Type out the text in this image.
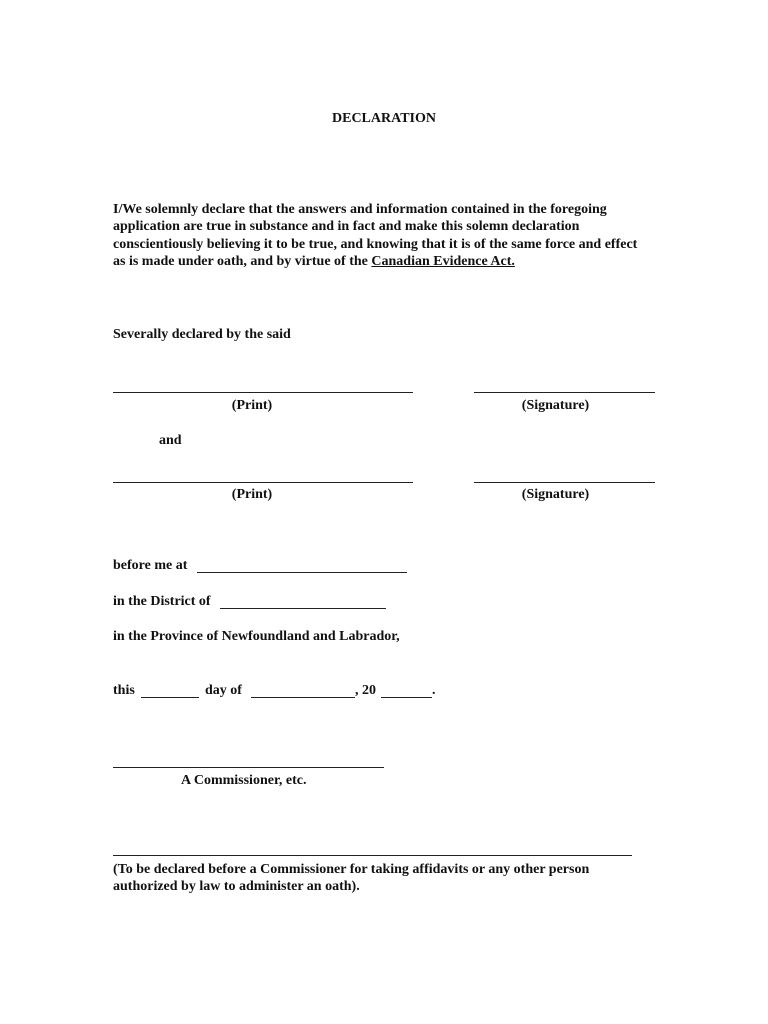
DECLARATION
I/We solemnly declare that the answers and information contained in the foregoing application are true in substance and in fact and make this solemn declaration conscientiously believing it to be true, and knowing that it is of the same force and effect as is made under oath, and by virtue of the Canadian Evidence Act.
Severally declared by the said
(Print)	(Signature)
and
(Print)	(Signature)
before me at
in the District of
in the Province of Newfoundland and Labrador,
this	day of	, 20	.
A Commissioner, etc.
(To be declared before a Commissioner for taking affidavits or any other person authorized by law to administer an oath).
